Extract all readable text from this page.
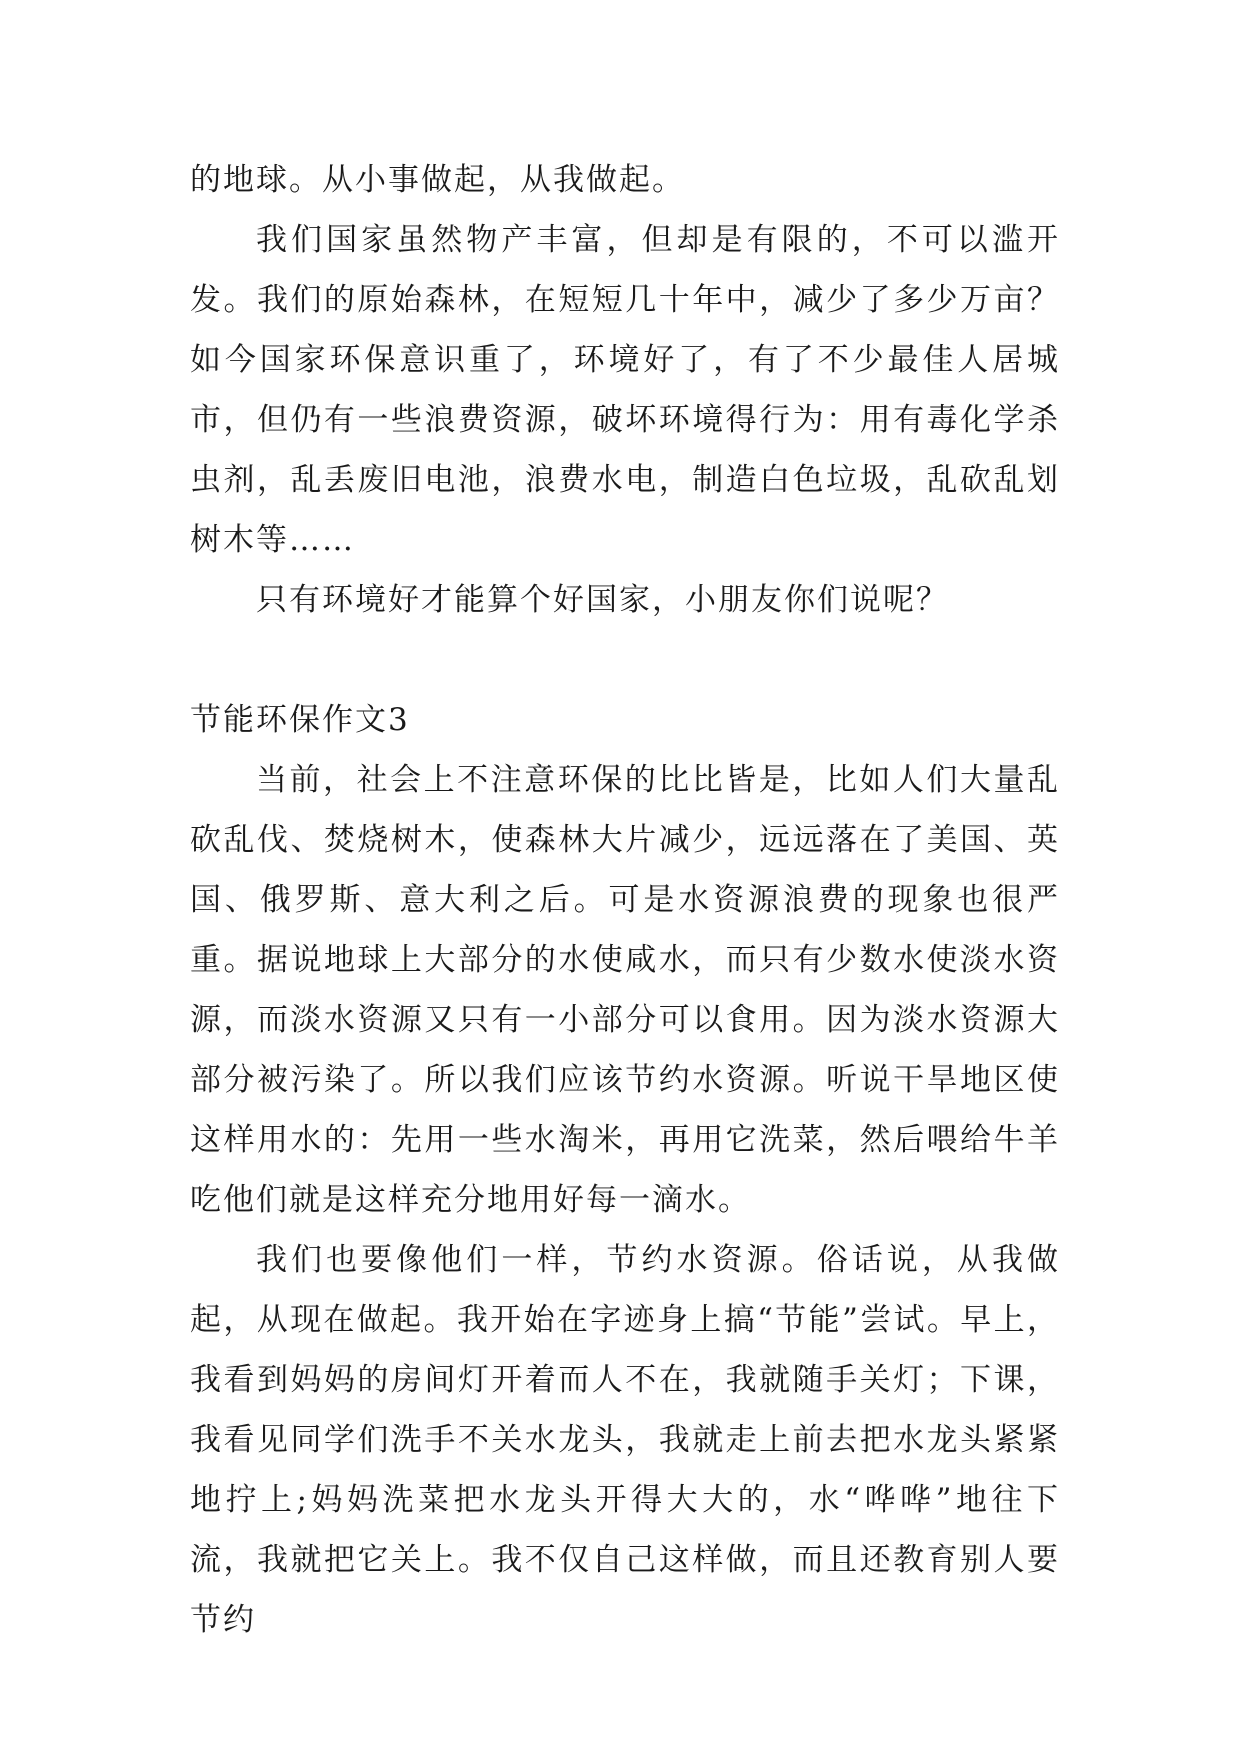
的地球。从小事做起，从我做起。

我们国家虽然物产丰富，但却是有限的，不可以滥开发。我们的原始森林，在短短几十年中，减少了多少万亩？如今国家环保意识重了，环境好了，有了不少最佳人居城市，但仍有一些浪费资源，破坏环境得行为：用有毒化学杀虫剂，乱丢废旧电池，浪费水电，制造白色垃圾，乱砍乱划树木等……

只有环境好才能算个好国家，小朋友你们说呢？

节能环保作文3

当前，社会上不注意环保的比比皆是，比如人们大量乱砍乱伐、焚烧树木，使森林大片减少，远远落在了美国、英国、俄罗斯、意大利之后。可是水资源浪费的现象也很严重。据说地球上大部分的水使咸水，而只有少数水使淡水资源，而淡水资源又只有一小部分可以食用。因为淡水资源大部分被污染了。所以我们应该节约水资源。听说干旱地区使这样用水的：先用一些水淘米，再用它洗菜，然后喂给牛羊吃他们就是这样充分地用好每一滴水。

我们也要像他们一样，节约水资源。俗话说，从我做起，从现在做起。我开始在字迹身上搞“节能”尝试。早上，我看到妈妈的房间灯开着而人不在，我就随手关灯；下课，我看见同学们洗手不关水龙头，我就走上前去把水龙头紧紧地拧上;妈妈洗菜把水龙头开得大大的，水“哗哗”地往下流，我就把它关上。我不仅自己这样做，而且还教育别人要节约
